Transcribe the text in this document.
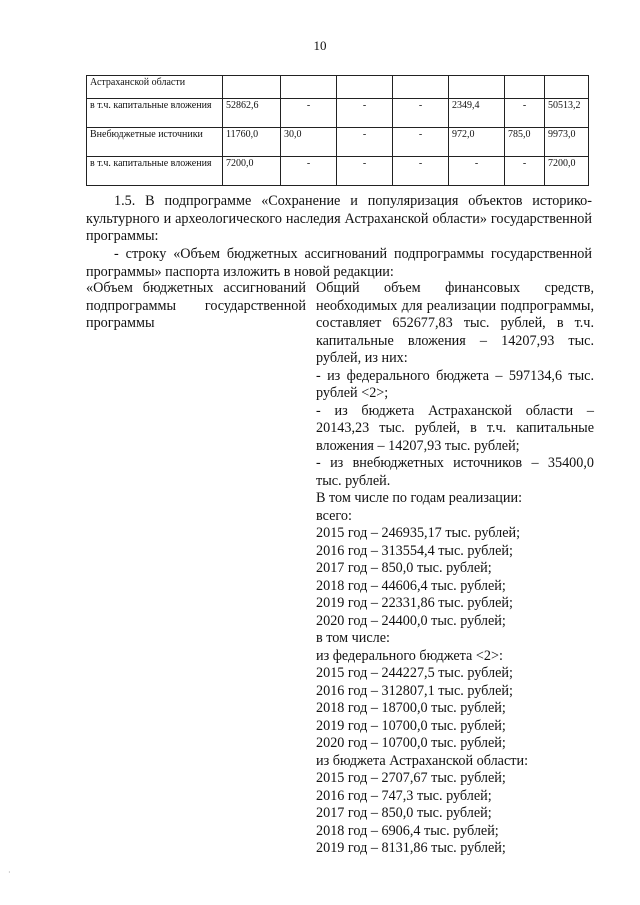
10
Астраханской области							
в т.ч. капитальные вложения	52862,6	-	-	-	2349,4	-	50513,2
Внебюджетные источники	11760,0	30,0	-	-	972,0	785,0	9973,0
в т.ч. капитальные вложения	7200,0	-	-	-	-	-	7200,0

1.5. В подпрограмме «Сохранение и популяризация объектов историко-культурного и археологического наследия Астраханской области» государственной программы:

- строку «Объем бюджетных ассигнований подпрограммы государственной программы» паспорта изложить в новой редакции:

«Объем бюджетных ассигнований подпрограммы государственной программы

Общий объем финансовых средств, необходимых для реализации подпрограммы, составляет 652677,83 тыс. рублей, в т.ч. капитальные вложения – 14207,93 тыс. рублей, из них:

- из федерального бюджета – 597134,6 тыс. рублей <2>;
- из бюджета Астраханской области – 20143,23 тыс. рублей, в т.ч. капитальные вложения – 14207,93 тыс. рублей;
- из внебюджетных источников – 35400,0 тыс. рублей.
В том числе по годам реализации:
всего:
2015 год – 246935,17 тыс. рублей;
2016 год – 313554,4 тыс. рублей;
2017 год – 850,0 тыс. рублей;
2018 год – 44606,4 тыс. рублей;
2019 год – 22331,86 тыс. рублей;
2020 год – 24400,0 тыс. рублей;
в том числе:
из федерального бюджета <2>:
2015 год – 244227,5 тыс. рублей;
2016 год – 312807,1 тыс. рублей;
2018 год – 18700,0 тыс. рублей;
2019 год – 10700,0 тыс. рублей;
2020 год – 10700,0 тыс. рублей;
из бюджета Астраханской области:
2015 год – 2707,67 тыс. рублей;
2016 год – 747,3 тыс. рублей;
2017 год – 850,0 тыс. рублей;
2018 год – 6906,4 тыс. рублей;
2019 год – 8131,86 тыс. рублей;
·
